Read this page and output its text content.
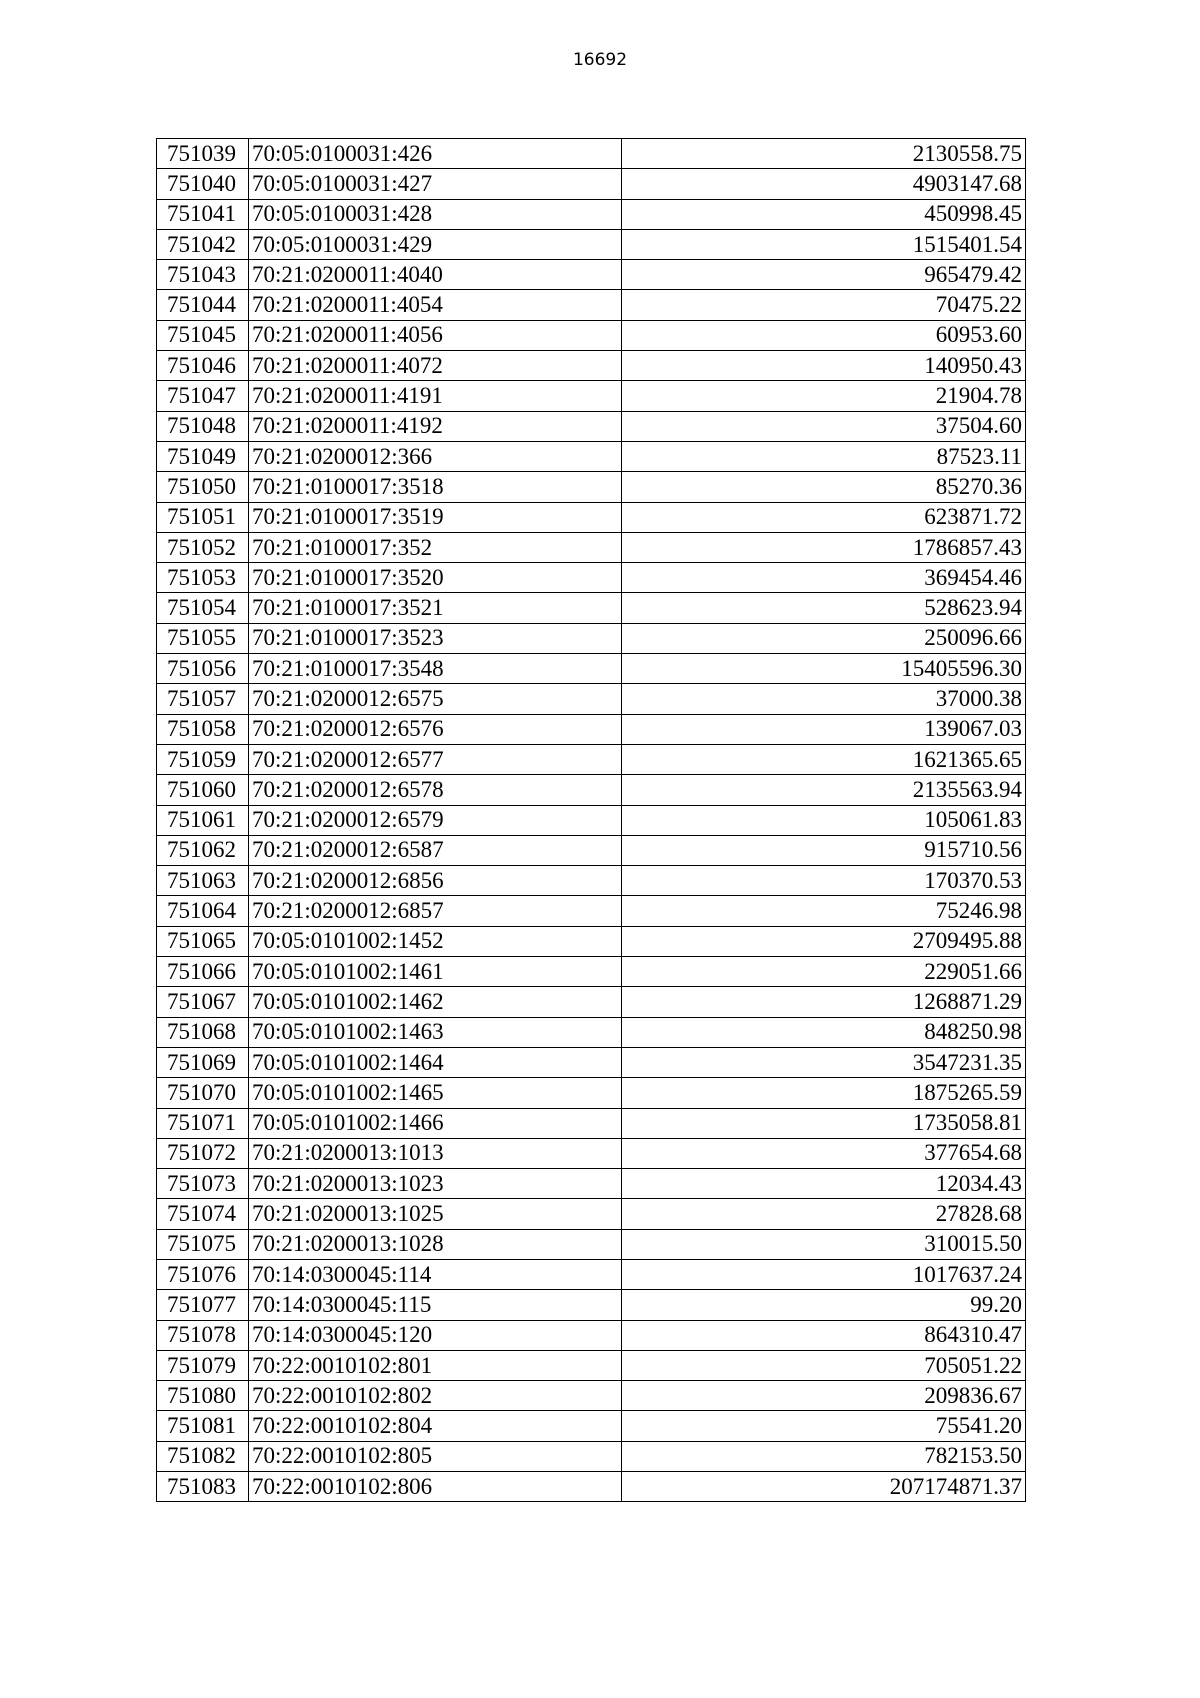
16692
751039	70:05:0100031:426	2130558.75
751040	70:05:0100031:427	4903147.68
751041	70:05:0100031:428	450998.45
751042	70:05:0100031:429	1515401.54
751043	70:21:0200011:4040	965479.42
751044	70:21:0200011:4054	70475.22
751045	70:21:0200011:4056	60953.60
751046	70:21:0200011:4072	140950.43
751047	70:21:0200011:4191	21904.78
751048	70:21:0200011:4192	37504.60
751049	70:21:0200012:366	87523.11
751050	70:21:0100017:3518	85270.36
751051	70:21:0100017:3519	623871.72
751052	70:21:0100017:352	1786857.43
751053	70:21:0100017:3520	369454.46
751054	70:21:0100017:3521	528623.94
751055	70:21:0100017:3523	250096.66
751056	70:21:0100017:3548	15405596.30
751057	70:21:0200012:6575	37000.38
751058	70:21:0200012:6576	139067.03
751059	70:21:0200012:6577	1621365.65
751060	70:21:0200012:6578	2135563.94
751061	70:21:0200012:6579	105061.83
751062	70:21:0200012:6587	915710.56
751063	70:21:0200012:6856	170370.53
751064	70:21:0200012:6857	75246.98
751065	70:05:0101002:1452	2709495.88
751066	70:05:0101002:1461	229051.66
751067	70:05:0101002:1462	1268871.29
751068	70:05:0101002:1463	848250.98
751069	70:05:0101002:1464	3547231.35
751070	70:05:0101002:1465	1875265.59
751071	70:05:0101002:1466	1735058.81
751072	70:21:0200013:1013	377654.68
751073	70:21:0200013:1023	12034.43
751074	70:21:0200013:1025	27828.68
751075	70:21:0200013:1028	310015.50
751076	70:14:0300045:114	1017637.24
751077	70:14:0300045:115	99.20
751078	70:14:0300045:120	864310.47
751079	70:22:0010102:801	705051.22
751080	70:22:0010102:802	209836.67
751081	70:22:0010102:804	75541.20
751082	70:22:0010102:805	782153.50
751083	70:22:0010102:806	207174871.37
